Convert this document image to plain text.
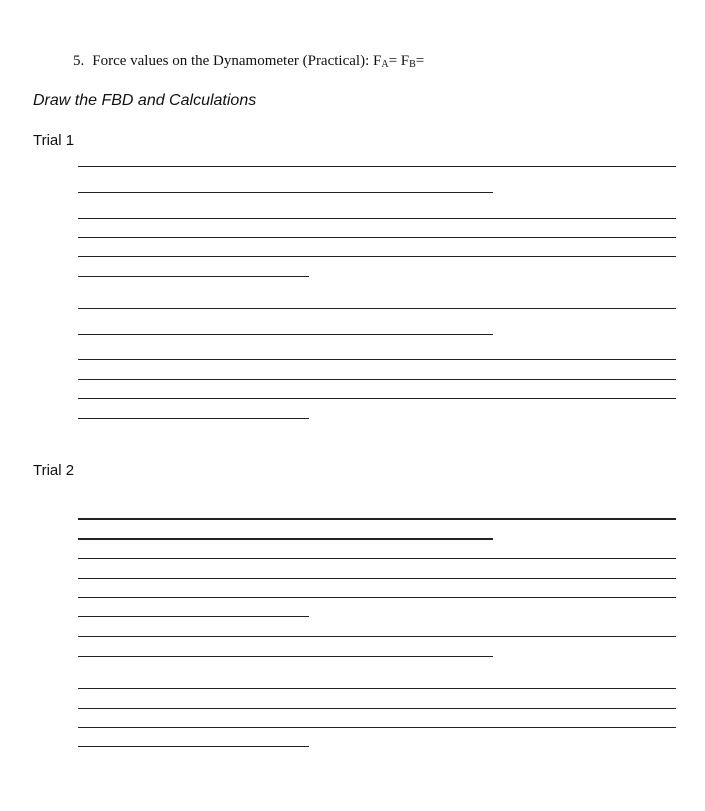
5. Force values on the Dynamometer (Practical): $F_A= F_B=$
Draw the FBD and Calculations
Trial 1
Trial 2
